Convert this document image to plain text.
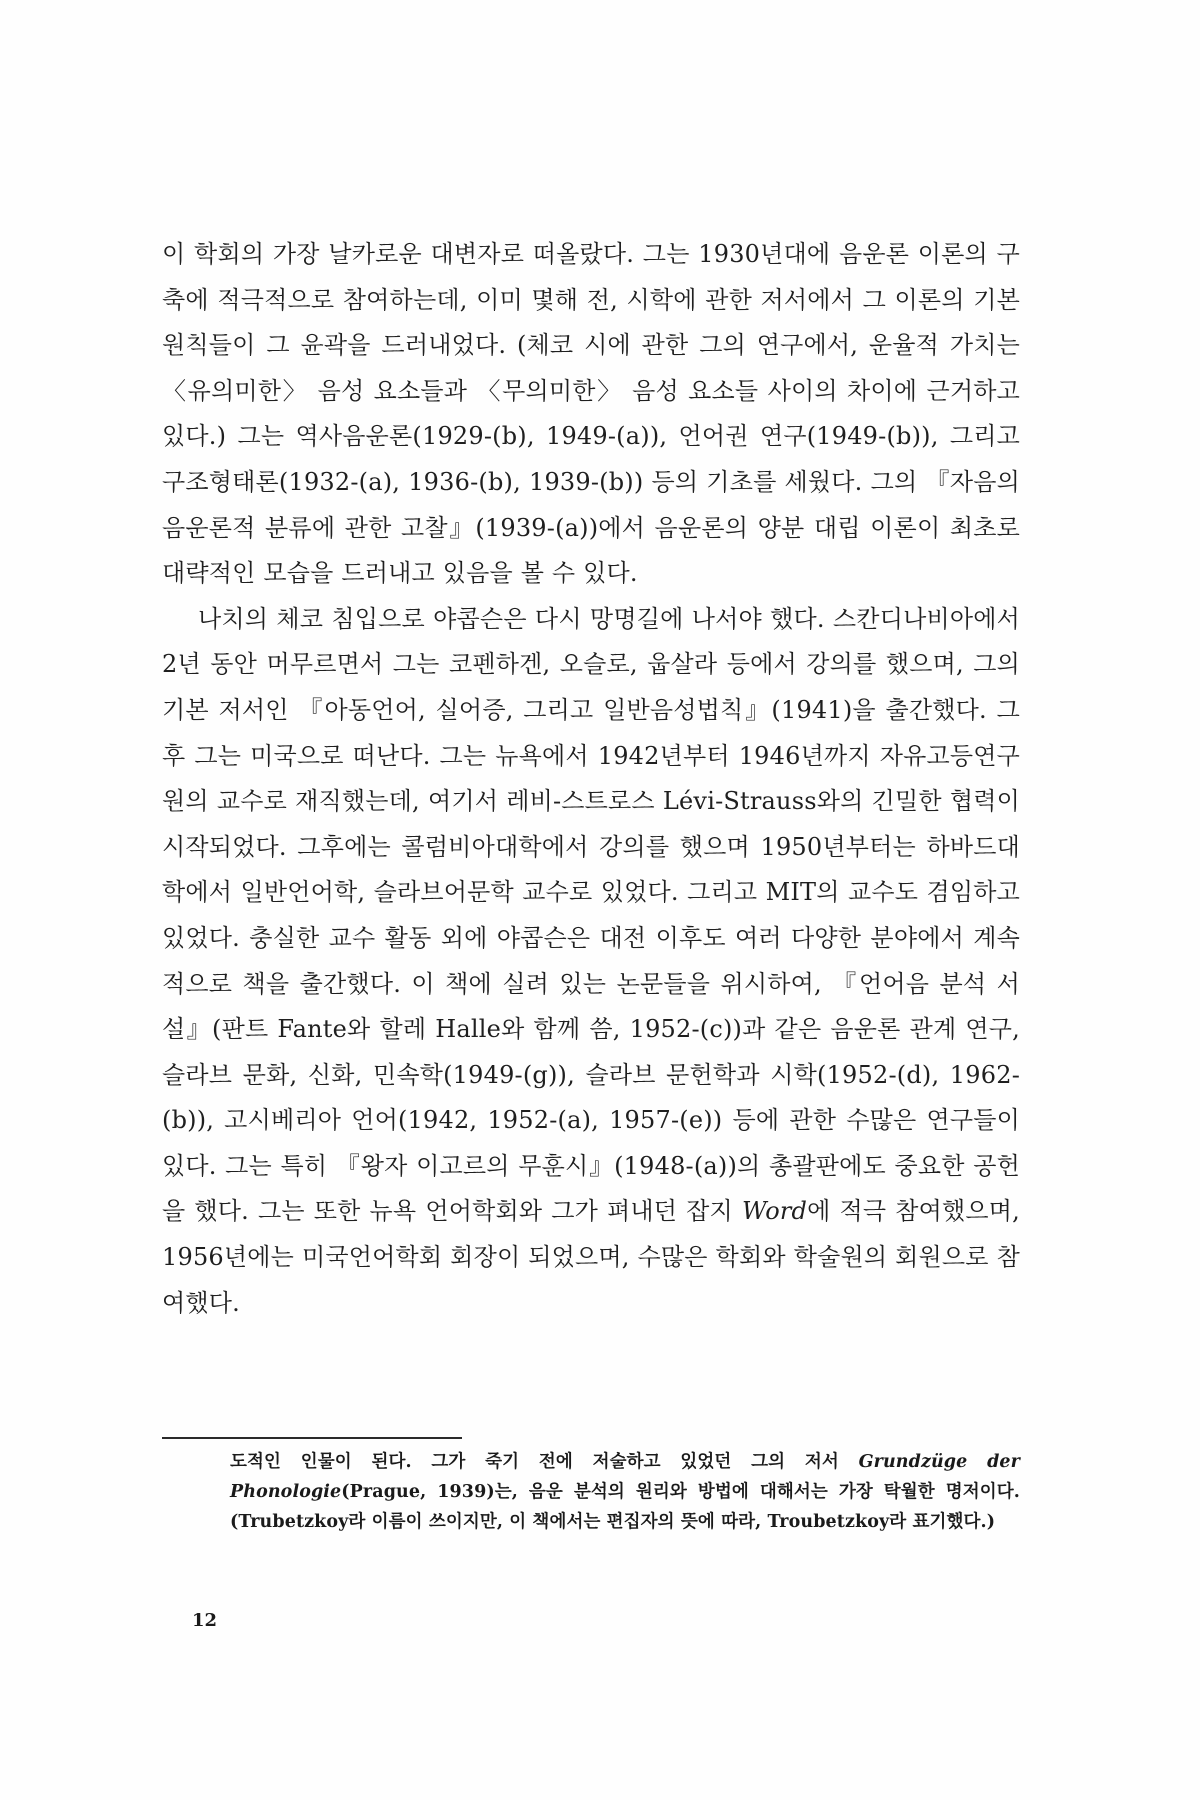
이 학회의 가장 날카로운 대변자로 떠올랐다. 그는 1930년대에 음운론 이론의 구축에 적극적으로 참여하는데, 이미 몇해 전, 시학에 관한 저서에서 그 이론의 기본 원칙들이 그 윤곽을 드러내었다. (체코 시에 관한 그의 연구에서, 운율적 가치는 〈유의미한〉 음성 요소들과 〈무의미한〉 음성 요소들 사이의 차이에 근거하고 있다.) 그는 역사음운론(1929-(b), 1949-(a)), 언어권 연구(1949-(b)), 그리고 구조형태론(1932-(a), 1936-(b), 1939-(b)) 등의 기초를 세웠다. 그의 『자음의 음운론적 분류에 관한 고찰』(1939-(a))에서 음운론의 양분 대립 이론이 최초로 대략적인 모습을 드러내고 있음을 볼 수 있다.

나치의 체코 침입으로 야콥슨은 다시 망명길에 나서야 했다. 스칸디나비아에서 2년 동안 머무르면서 그는 코펜하겐, 오슬로, 웁살라 등에서 강의를 했으며, 그의 기본 저서인 『아동언어, 실어증, 그리고 일반음성법칙』(1941)을 출간했다. 그후 그는 미국으로 떠난다. 그는 뉴욕에서 1942년부터 1946년까지 자유고등연구원의 교수로 재직했는데, 여기서 레비-스트로스 Lévi-Strauss와의 긴밀한 협력이 시작되었다. 그후에는 콜럼비아대학에서 강의를 했으며 1950년부터는 하바드대학에서 일반언어학, 슬라브어문학 교수로 있었다. 그리고 MIT의 교수도 겸임하고 있었다. 충실한 교수 활동 외에 야콥슨은 대전 이후도 여러 다양한 분야에서 계속적으로 책을 출간했다. 이 책에 실려 있는 논문들을 위시하여, 『언어음 분석 서설』(판트 Fante와 할레 Halle와 함께 씀, 1952-(c))과 같은 음운론 관계 연구, 슬라브 문화, 신화, 민속학(1949-(g)), 슬라브 문헌학과 시학(1952-(d), 1962-(b)), 고시베리아 언어(1942, 1952-(a), 1957-(e)) 등에 관한 수많은 연구들이 있다. 그는 특히 『왕자 이고르의 무훈시』(1948-(a))의 총괄판에도 중요한 공헌을 했다. 그는 또한 뉴욕 언어학회와 그가 펴내던 잡지 Word에 적극 참여했으며, 1956년에는 미국언어학회 회장이 되었으며, 수많은 학회와 학술원의 회원으로 참여했다.

도적인 인물이 된다. 그가 죽기 전에 저술하고 있었던 그의 저서 Grundzüge der Phonologie(Prague, 1939)는, 음운 분석의 원리와 방법에 대해서는 가장 탁월한 명저이다. (Trubetzkoy라 이름이 쓰이지만, 이 책에서는 편집자의 뜻에 따라, Troubetzkoy라 표기했다.)
12
